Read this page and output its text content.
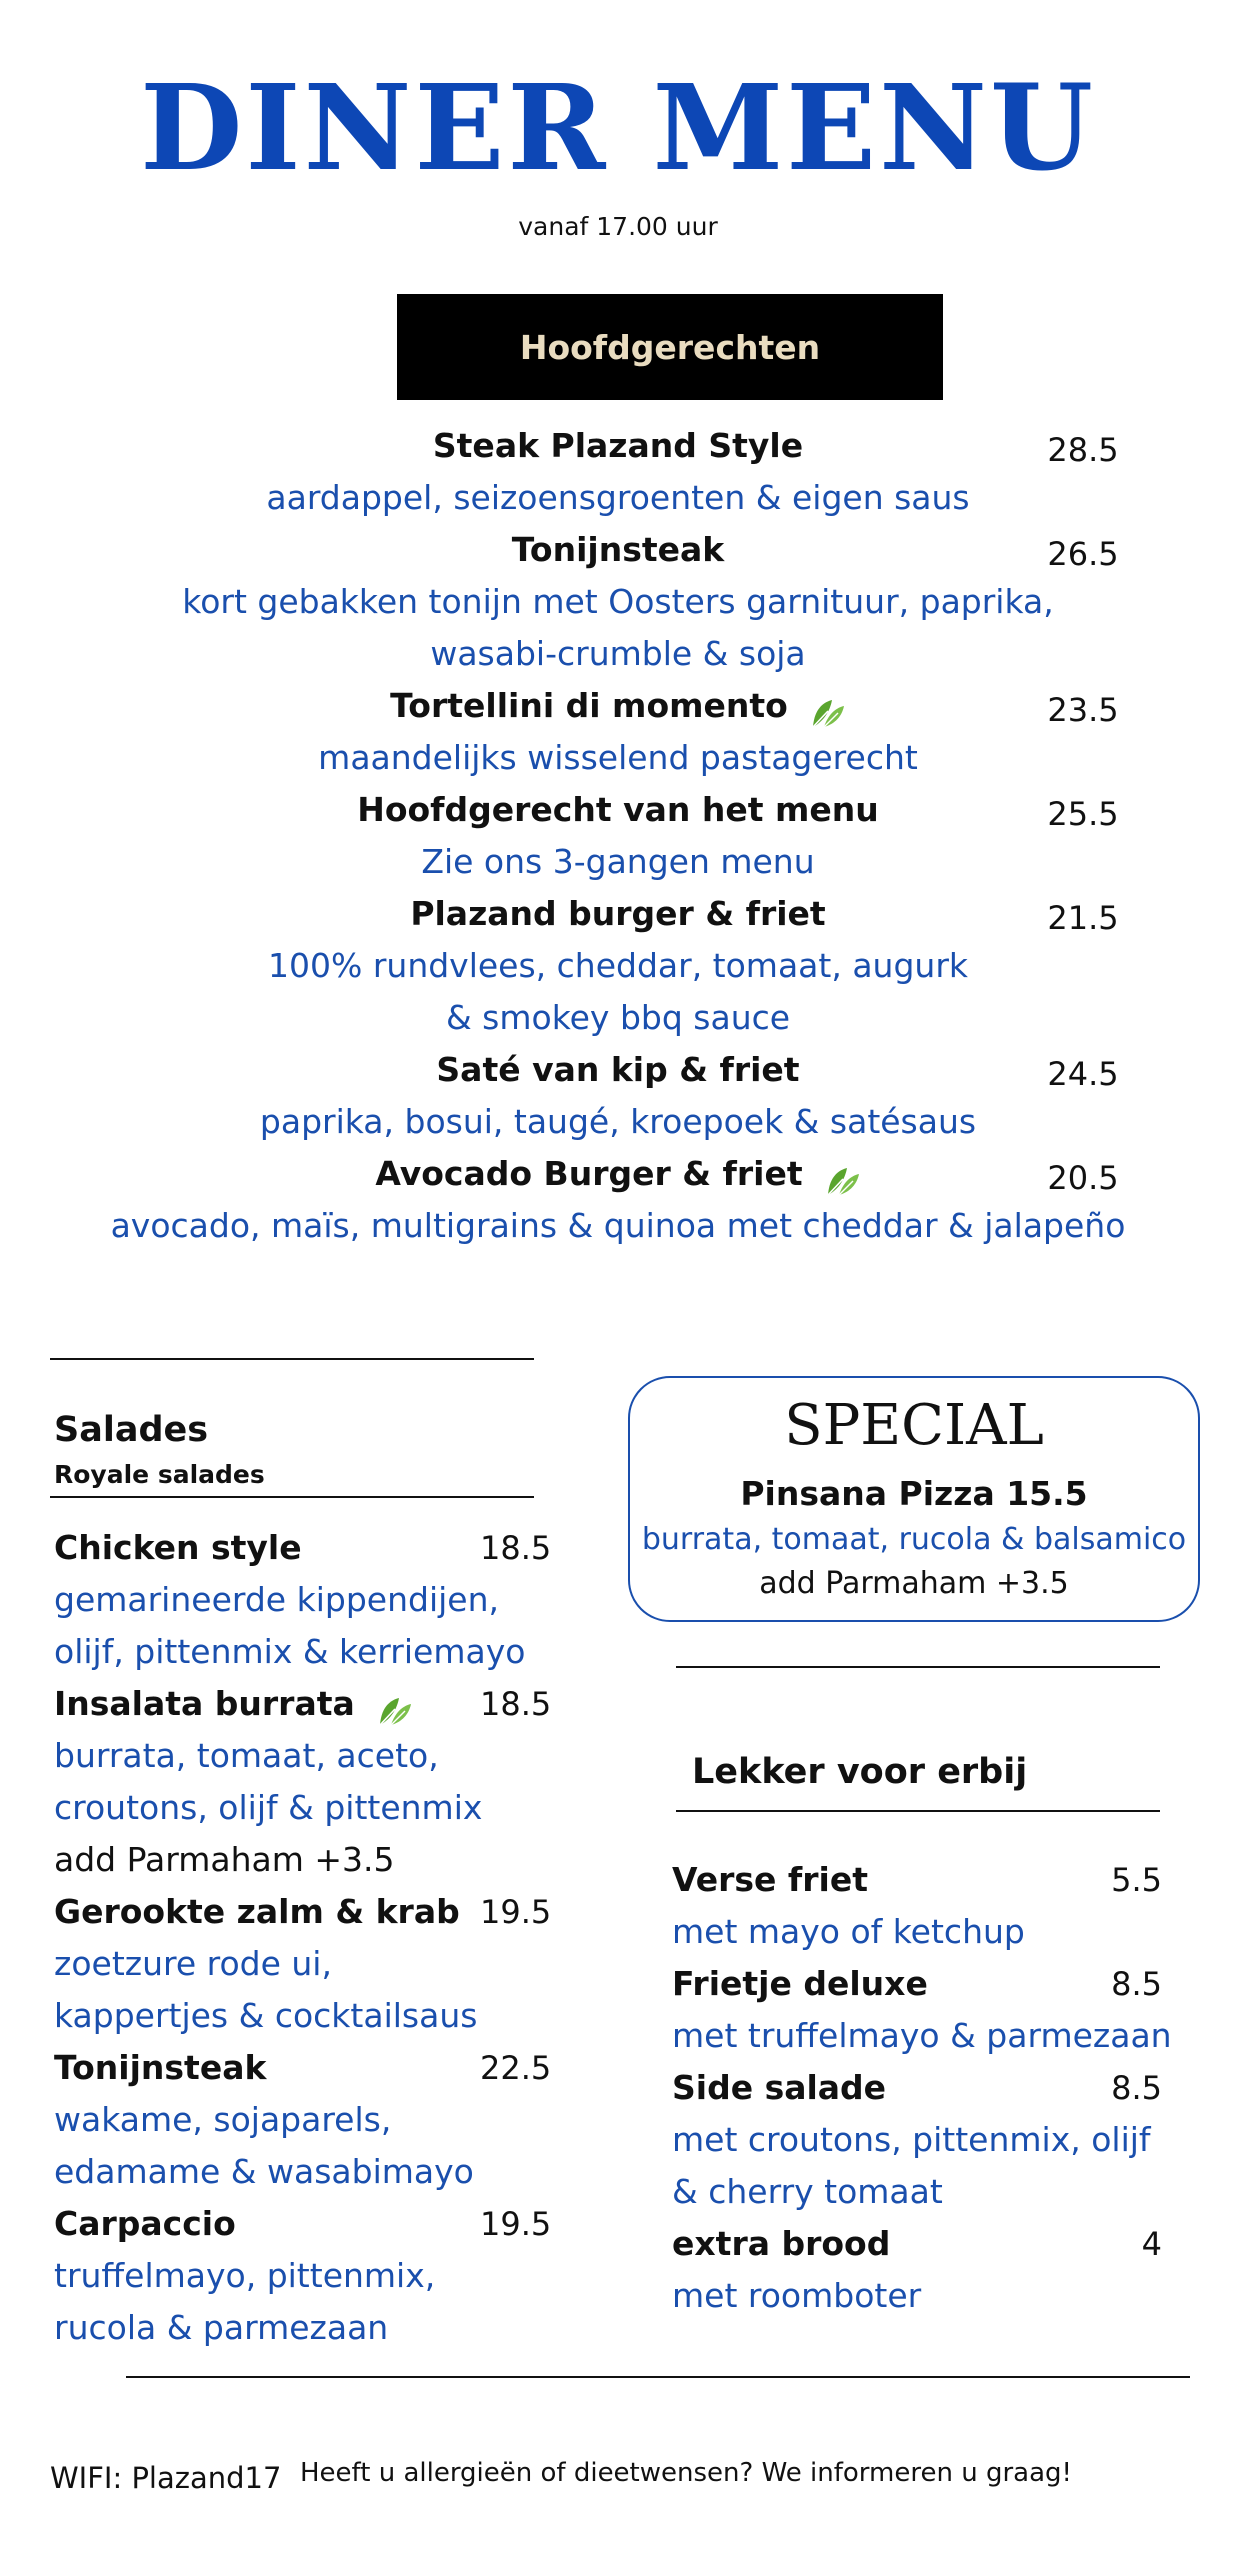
DINER MENU
vanaf 17.00 uur
Hoofdgerechten
Steak Plazand Style	28.5
aardappel, seizoensgroenten & eigen saus
Tonijnsteak	26.5
kort gebakken tonijn met Oosters garnituur, paprika,
wasabi-crumble & soja
Tortellini di momento	23.5
maandelijks wisselend pastagerecht
Hoofdgerecht van het menu	25.5
Zie ons 3-gangen menu
Plazand burger & friet	21.5
100% rundvlees, cheddar, tomaat, augurk
& smokey bbq sauce
Saté van kip & friet	24.5
paprika, bosui, taugé, kroepoek & satésaus
Avocado Burger & friet	20.5
avocado, maïs, multigrains & quinoa met cheddar & jalapeño
Salades
Royale salades
Chicken style	18.5
gemarineerde kippendijen,
olijf, pittenmix & kerriemayo
Insalata burrata	18.5
burrata, tomaat, aceto,
croutons, olijf & pittenmix
add Parmaham +3.5
Gerookte zalm & krab 19.5
zoetzure rode ui,
kappertjes & cocktailsaus
Tonijnsteak	22.5
wakame, sojaparels,
edamame & wasabimayo
Carpaccio	19.5
truffelmayo, pittenmix,
rucola & parmezaan
SPECIAL
Pinsana Pizza 15.5
burrata, tomaat, rucola & balsamico
add Parmaham +3.5
Lekker voor erbij
Verse friet	5.5
met mayo of ketchup
Frietje deluxe	8.5
met truffelmayo & parmezaan
Side salade	8.5
met croutons, pittenmix, olijf
& cherry tomaat
extra brood	4
met roomboter
WIFI: Plazand17 Heeft u allergieën of dieetwensen? We informeren u graag!
